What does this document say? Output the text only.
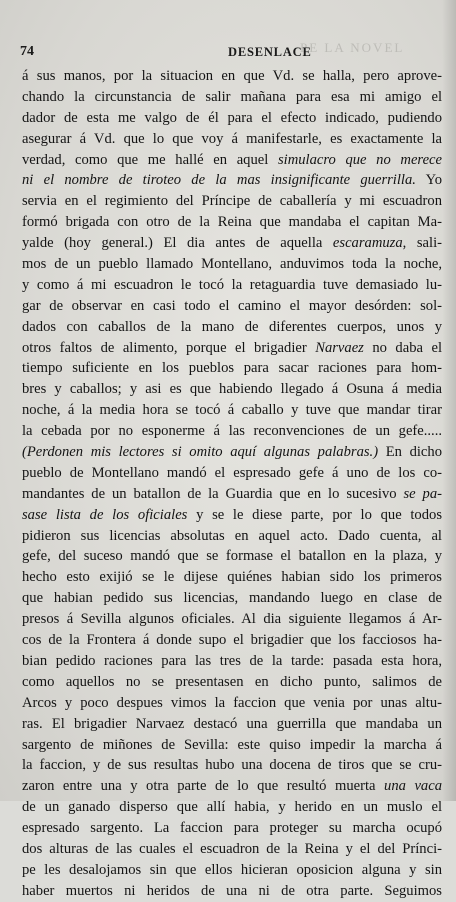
PE LA NOVEL
74	DESENLACE
á sus manos, por la situacion en que Vd. se halla, pero aprove-
chando la circunstancia de salir mañana para esa mi amigo el
dador de esta me valgo de él para el efecto indicado, pudiendo
asegurar á Vd. que lo que voy á manifestarle, es exactamente la
verdad, como que me hallé en aquel simulacro que no merece
ni el nombre de tiroteo de la mas insignificante guerrilla. Yo
servia en el regimiento del Príncipe de caballería y mi escuadron
formó brigada con otro de la Reina que mandaba el capitan Ma-
yalde (hoy general.) El dia antes de aquella escaramuza, sali-
mos de un pueblo llamado Montellano, anduvimos toda la noche,
y como á mi escuadron le tocó la retaguardia tuve demasiado lu-
gar de observar en casi todo el camino el mayor desórden: sol-
dados con caballos de la mano de diferentes cuerpos, unos y
otros faltos de alimento, porque el brigadier Narvaez no daba el
tiempo suficiente en los pueblos para sacar raciones para hom-
bres y caballos; y asi es que habiendo llegado á Osuna á media
noche, á la media hora se tocó á caballo y tuve que mandar tirar
la cebada por no esponerme á las reconvenciones de un gefe.....
(Perdonen mis lectores si omito aquí algunas palabras.) En dicho
pueblo de Montellano mandó el espresado gefe á uno de los co-
mandantes de un batallon de la Guardia que en lo sucesivo se pa-
sase lista de los oficiales y se le diese parte, por lo que todos
pidieron sus licencias absolutas en aquel acto. Dado cuenta, al
gefe, del suceso mandó que se formase el batallon en la plaza, y
hecho esto exijió se le dijese quiénes habian sido los primeros
que habian pedido sus licencias, mandando luego en clase de
presos á Sevilla algunos oficiales. Al dia siguiente llegamos á Ar-
cos de la Frontera á donde supo el brigadier que los facciosos ha-
bian pedido raciones para las tres de la tarde: pasada esta hora,
como aquellos no se presentasen en dicho punto, salimos de
Arcos y poco despues vimos la faccion que venia por unas altu-
ras. El brigadier Narvaez destacó una guerrilla que mandaba un
sargento de miñones de Sevilla: este quiso impedir la marcha á
la faccion, y de sus resultas hubo una docena de tiros que se cru-
zaron entre una y otra parte de lo que resultó muerta una vaca
de un ganado disperso que allí habia, y herido en un muslo el
espresado sargento. La faccion para proteger su marcha ocupó
dos alturas de las cuales el escuadron de la Reina y el del Prínci-
pe les desalojamos sin que ellos hicieran oposicion alguna y sin
haber muertos ni heridos de una ni de otra parte. Seguimos
